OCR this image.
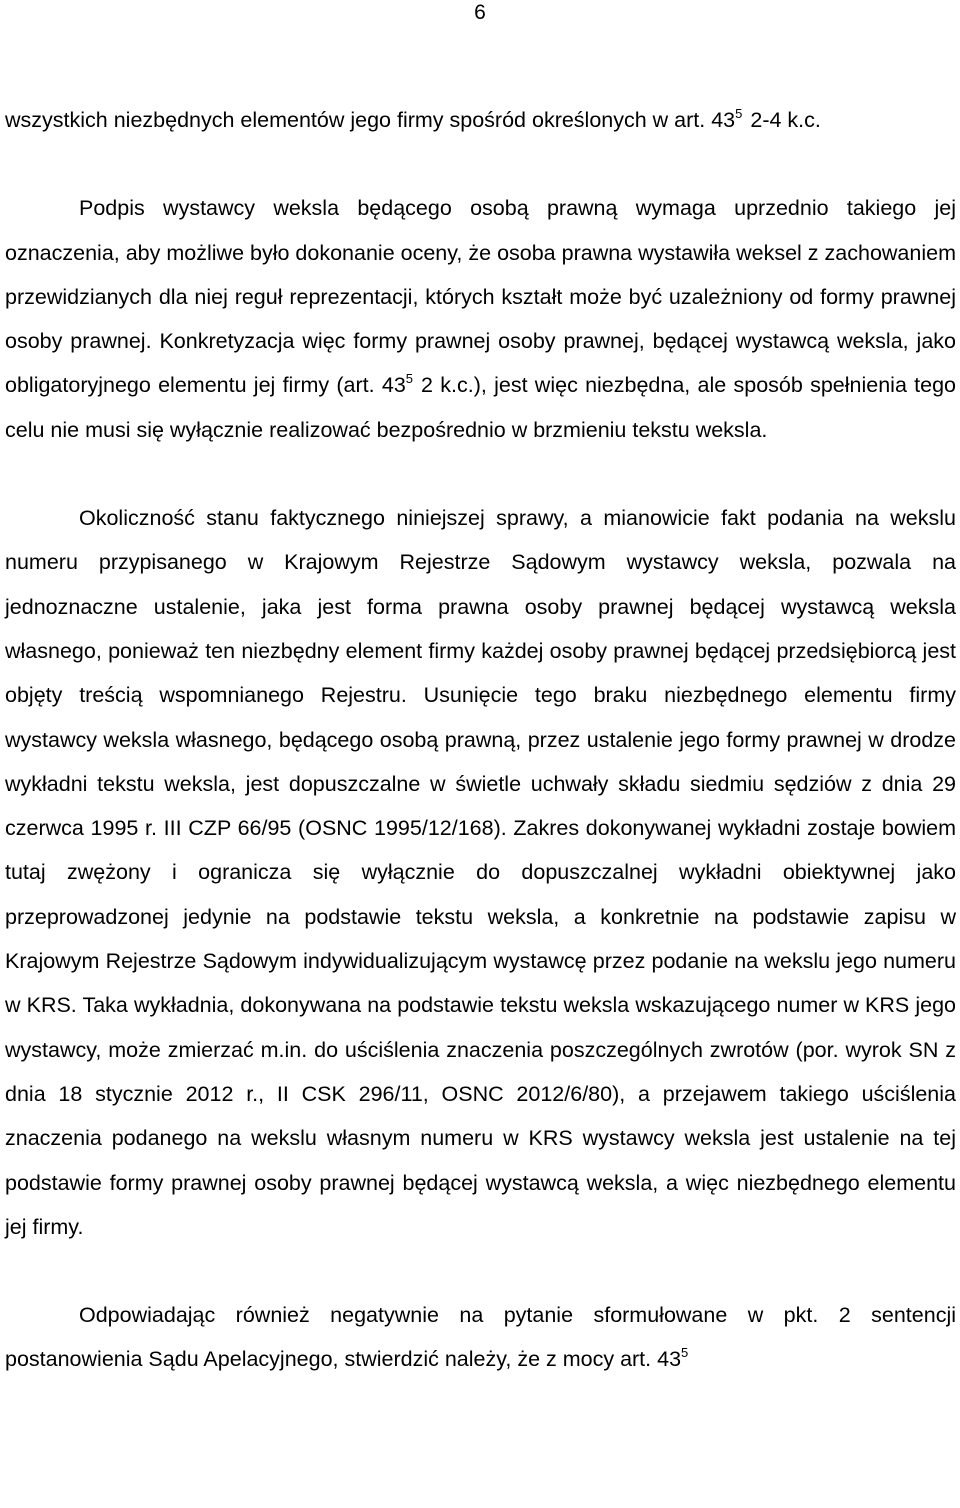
6

wszystkich niezbędnych elementów jego firmy spośród określonych w art. $43^5$ 2-4 k.c.

Podpis wystawcy weksla będącego osobą prawną wymaga uprzednio takiego jej oznaczenia, aby możliwe było dokonanie oceny, że osoba prawna wystawiła weksel z zachowaniem przewidzianych dla niej reguł reprezentacji, których kształt może być uzależniony od formy prawnej osoby prawnej. Konkretyzacja więc formy prawnej osoby prawnej, będącej wystawcą weksla, jako obligatoryjnego elementu jej firmy (art. $43^5$ 2 k.c.), jest więc niezbędna, ale sposób spełnienia tego celu nie musi się wyłącznie realizować bezpośrednio w brzmieniu tekstu weksla.

Okoliczność stanu faktycznego niniejszej sprawy, a mianowicie fakt podania na wekslu numeru przypisanego w Krajowym Rejestrze Sądowym wystawcy weksla, pozwala na jednoznaczne ustalenie, jaka jest forma prawna osoby prawnej będącej wystawcą weksla własnego, ponieważ ten niezbędny element firmy każdej osoby prawnej będącej przedsiębiorcą jest objęty treścią wspomnianego Rejestru. Usunięcie tego braku niezbędnego elementu firmy wystawcy weksla własnego, będącego osobą prawną, przez ustalenie jego formy prawnej w drodze wykładni tekstu weksla, jest dopuszczalne w świetle uchwały składu siedmiu sędziów z dnia 29 czerwca 1995 r. III CZP 66/95 (OSNC 1995/12/168). Zakres dokonywanej wykładni zostaje bowiem tutaj zwężony i ogranicza się wyłącznie do dopuszczalnej wykładni obiektywnej jako przeprowadzonej jedynie na podstawie tekstu weksla, a konkretnie na podstawie zapisu w Krajowym Rejestrze Sądowym indywidualizującym wystawcę przez podanie na wekslu jego numeru w KRS. Taka wykładnia, dokonywana na podstawie tekstu weksla wskazującego numer w KRS jego wystawcy, może zmierzać m.in. do uściślenia znaczenia poszczególnych zwrotów (por. wyrok SN z dnia 18 stycznie 2012 r., II CSK 296/11, OSNC 2012/6/80), a przejawem takiego uściślenia znaczenia podanego na wekslu własnym numeru w KRS wystawcy weksla jest ustalenie na tej podstawie formy prawnej osoby prawnej będącej wystawcą weksla, a więc niezbędnego elementu jej firmy.

Odpowiadając również negatywnie na pytanie sformułowane w pkt. 2 sentencji postanowienia Sądu Apelacyjnego, stwierdzić należy, że z mocy art. $43^5$
